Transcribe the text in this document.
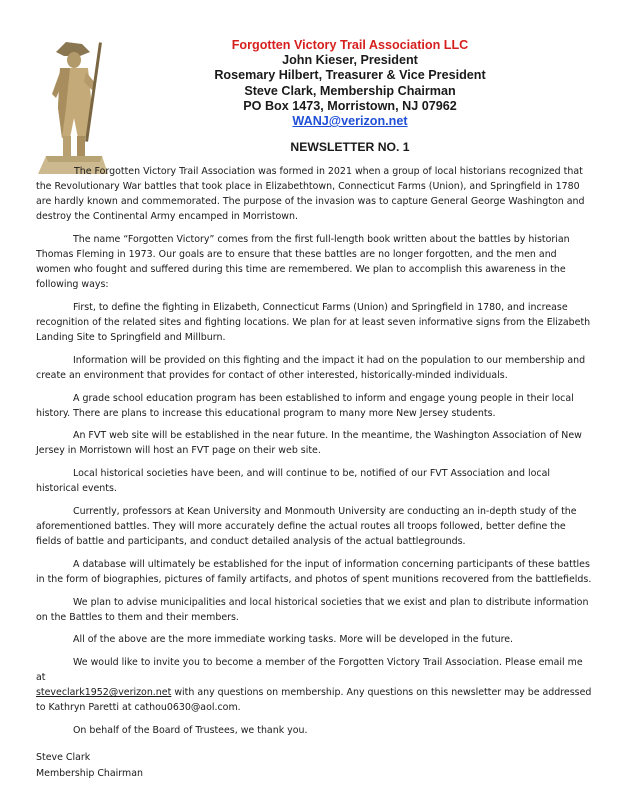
Forgotten Victory Trail Association LLC
John Kieser, President
Rosemary Hilbert, Treasurer & Vice President
Steve Clark, Membership Chairman
PO Box 1473, Morristown, NJ 07962
WANJ@verizon.net
NEWSLETTER NO. 1

The Forgotten Victory Trail Association was formed in 2021 when a group of local historians recognized that the Revolutionary War battles that took place in Elizabethtown, Connecticut Farms (Union), and Springfield in 1780 are hardly known and commemorated. The purpose of the invasion was to capture General George Washington and destroy the Continental Army encamped in Morristown.

The name “Forgotten Victory” comes from the first full-length book written about the battles by historian Thomas Fleming in 1973. Our goals are to ensure that these battles are no longer forgotten, and the men and women who fought and suffered during this time are remembered. We plan to accomplish this awareness in the following ways:

First, to define the fighting in Elizabeth, Connecticut Farms (Union) and Springfield in 1780, and increase recognition of the related sites and fighting locations. We plan for at least seven informative signs from the Elizabeth Landing Site to Springfield and Millburn.

Information will be provided on this fighting and the impact it had on the population to our membership and create an environment that provides for contact of other interested, historically-minded individuals.

A grade school education program has been established to inform and engage young people in their local history. There are plans to increase this educational program to many more New Jersey students.

An FVT web site will be established in the near future. In the meantime, the Washington Association of New Jersey in Morristown will host an FVT page on their web site.

Local historical societies have been, and will continue to be, notified of our FVT Association and local historical events.

Currently, professors at Kean University and Monmouth University are conducting an in-depth study of the aforementioned battles. They will more accurately define the actual routes all troops followed, better define the fields of battle and participants, and conduct detailed analysis of the actual battlegrounds.

A database will ultimately be established for the input of information concerning participants of these battles in the form of biographies, pictures of family artifacts, and photos of spent munitions recovered from the battlefields.

We plan to advise municipalities and local historical societies that we exist and plan to distribute information on the Battles to them and their members.

All of the above are the more immediate working tasks. More will be developed in the future.

We would like to invite you to become a member of the Forgotten Victory Trail Association. Please email me at
steveclark1952@verizon.net with any questions on membership. Any questions on this newsletter may be addressed to Kathryn Paretti at cathou0630@aol.com.

On behalf of the Board of Trustees, we thank you.

Steve Clark
Membership Chairman
